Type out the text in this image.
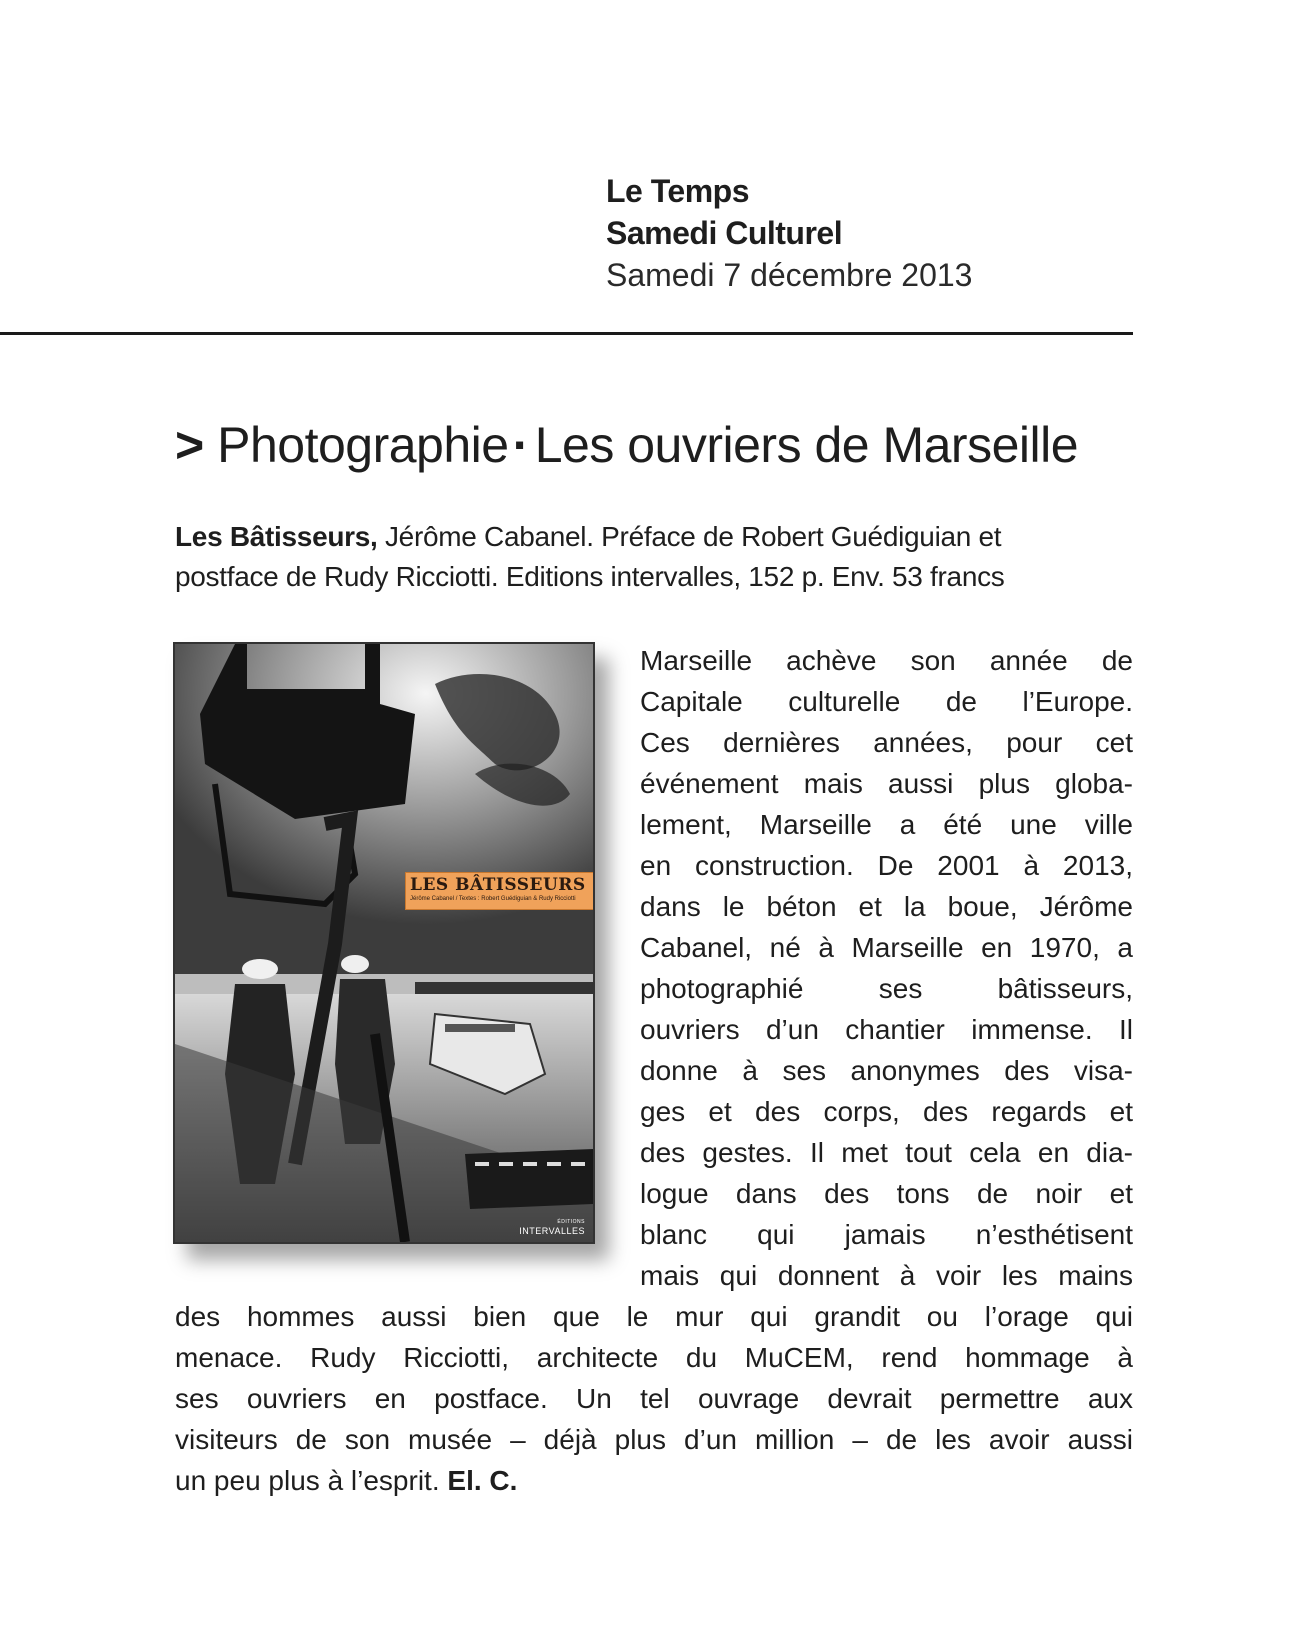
Le Temps
Samedi Culturel
Samedi 7 décembre 2013
> Photographie· Les ouvriers de Marseille
Les Bâtisseurs, Jérôme Cabanel. Préface de Robert Guédiguian et
postface de Rudy Ricciotti. Editions intervalles, 152 p. Env. 53 francs
LES BÂTISSEURS
Jérôme Cabanel / Textes : Robert Guédiguian & Rudy Ricciotti
ÉDITIONS
INTERVALLES
Marseille achève son année de
Capitale culturelle de l’Europe.
Ces dernières années, pour cet
événement mais aussi plus globa-
lement, Marseille a été une ville
en construction. De 2001 à 2013,
dans le béton et la boue, Jérôme
Cabanel, né à Marseille en 1970, a
photographié ses bâtisseurs,
ouvriers d’un chantier immense. Il
donne à ses anonymes des visa-
ges et des corps, des regards et
des gestes. Il met tout cela en dia-
logue dans des tons de noir et
blanc qui jamais n’esthétisent
mais qui donnent à voir les mains
des hommes aussi bien que le mur qui grandit ou l’orage qui
menace. Rudy Ricciotti, architecte du MuCEM, rend hommage à
ses ouvriers en postface. Un tel ouvrage devrait permettre aux
visiteurs de son musée – déjà plus d’un million – de les avoir aussi
un peu plus à l’esprit. El. C.
